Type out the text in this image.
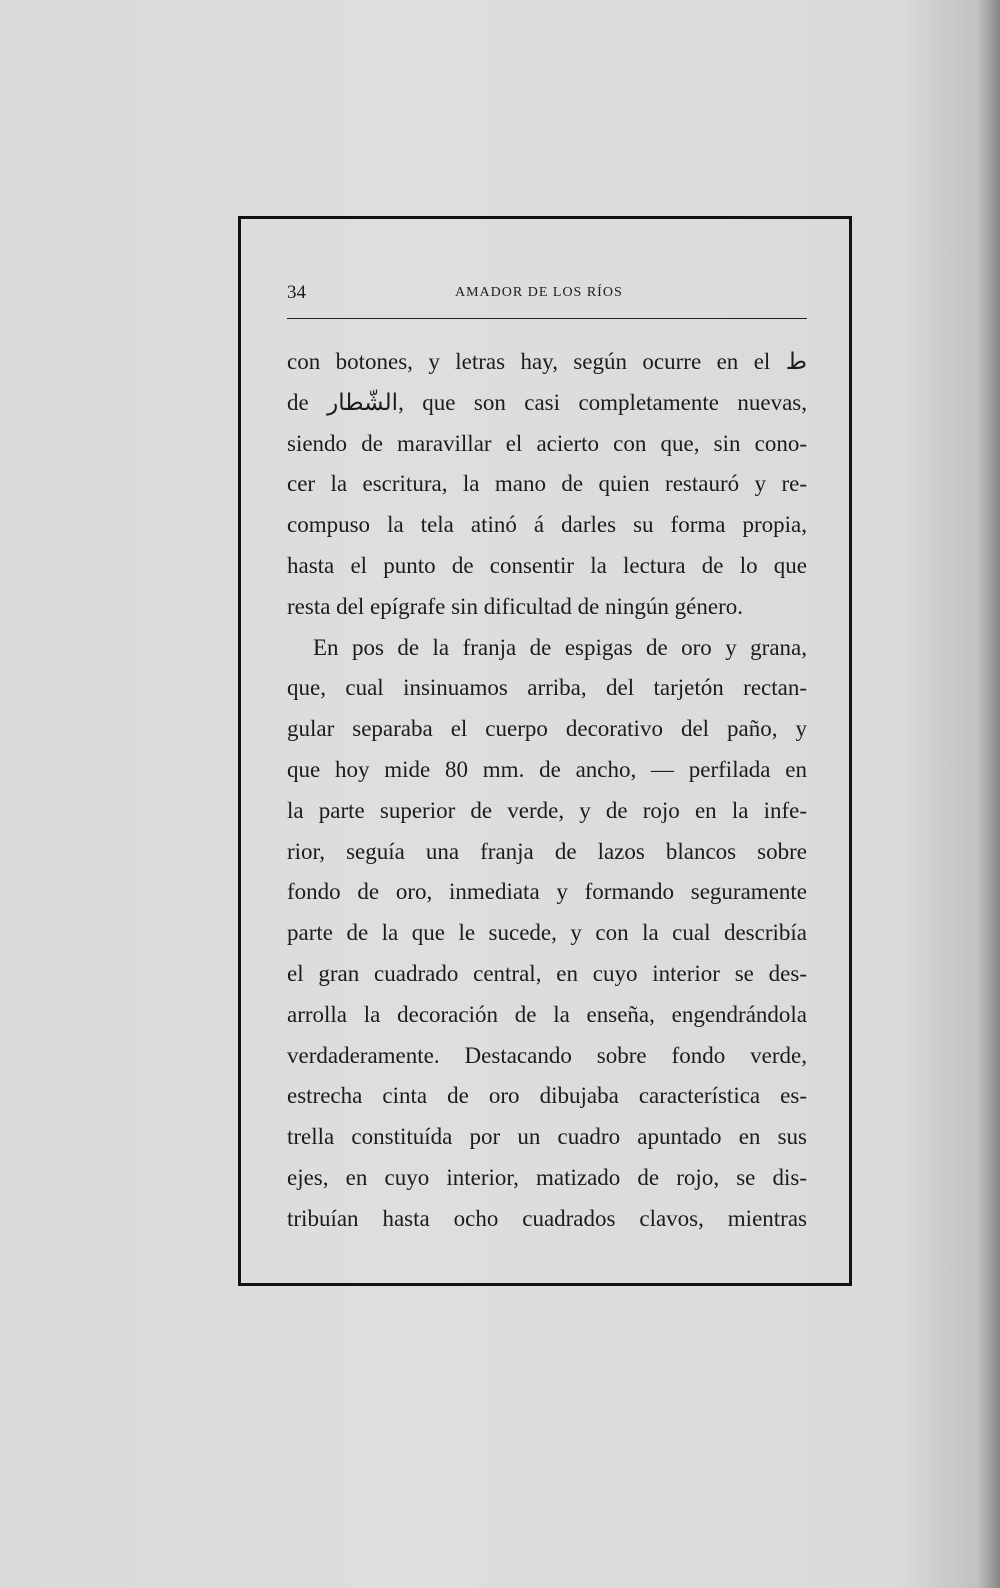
34	AMADOR DE LOS RÍOS
con botones, y letras hay, según ocurre en el ط
de الشّطار, que son casi completamente nuevas,
siendo de maravillar el acierto con que, sin cono-
cer la escritura, la mano de quien restauró y re-
compuso la tela atinó á darles su forma propia,
hasta el punto de consentir la lectura de lo que
resta del epígrafe sin dificultad de ningún género.
En pos de la franja de espigas de oro y grana,
que, cual insinuamos arriba, del tarjetón rectan-
gular separaba el cuerpo decorativo del paño, y
que hoy mide 80 mm. de ancho, — perfilada en
la parte superior de verde, y de rojo en la infe-
rior, seguía una franja de lazos blancos sobre
fondo de oro, inmediata y formando seguramente
parte de la que le sucede, y con la cual describía
el gran cuadrado central, en cuyo interior se des-
arrolla la decoración de la enseña, engendrándola
verdaderamente. Destacando sobre fondo verde,
estrecha cinta de oro dibujaba característica es-
trella constituída por un cuadro apuntado en sus
ejes, en cuyo interior, matizado de rojo, se dis-
tribuían hasta ocho cuadrados clavos, mientras
